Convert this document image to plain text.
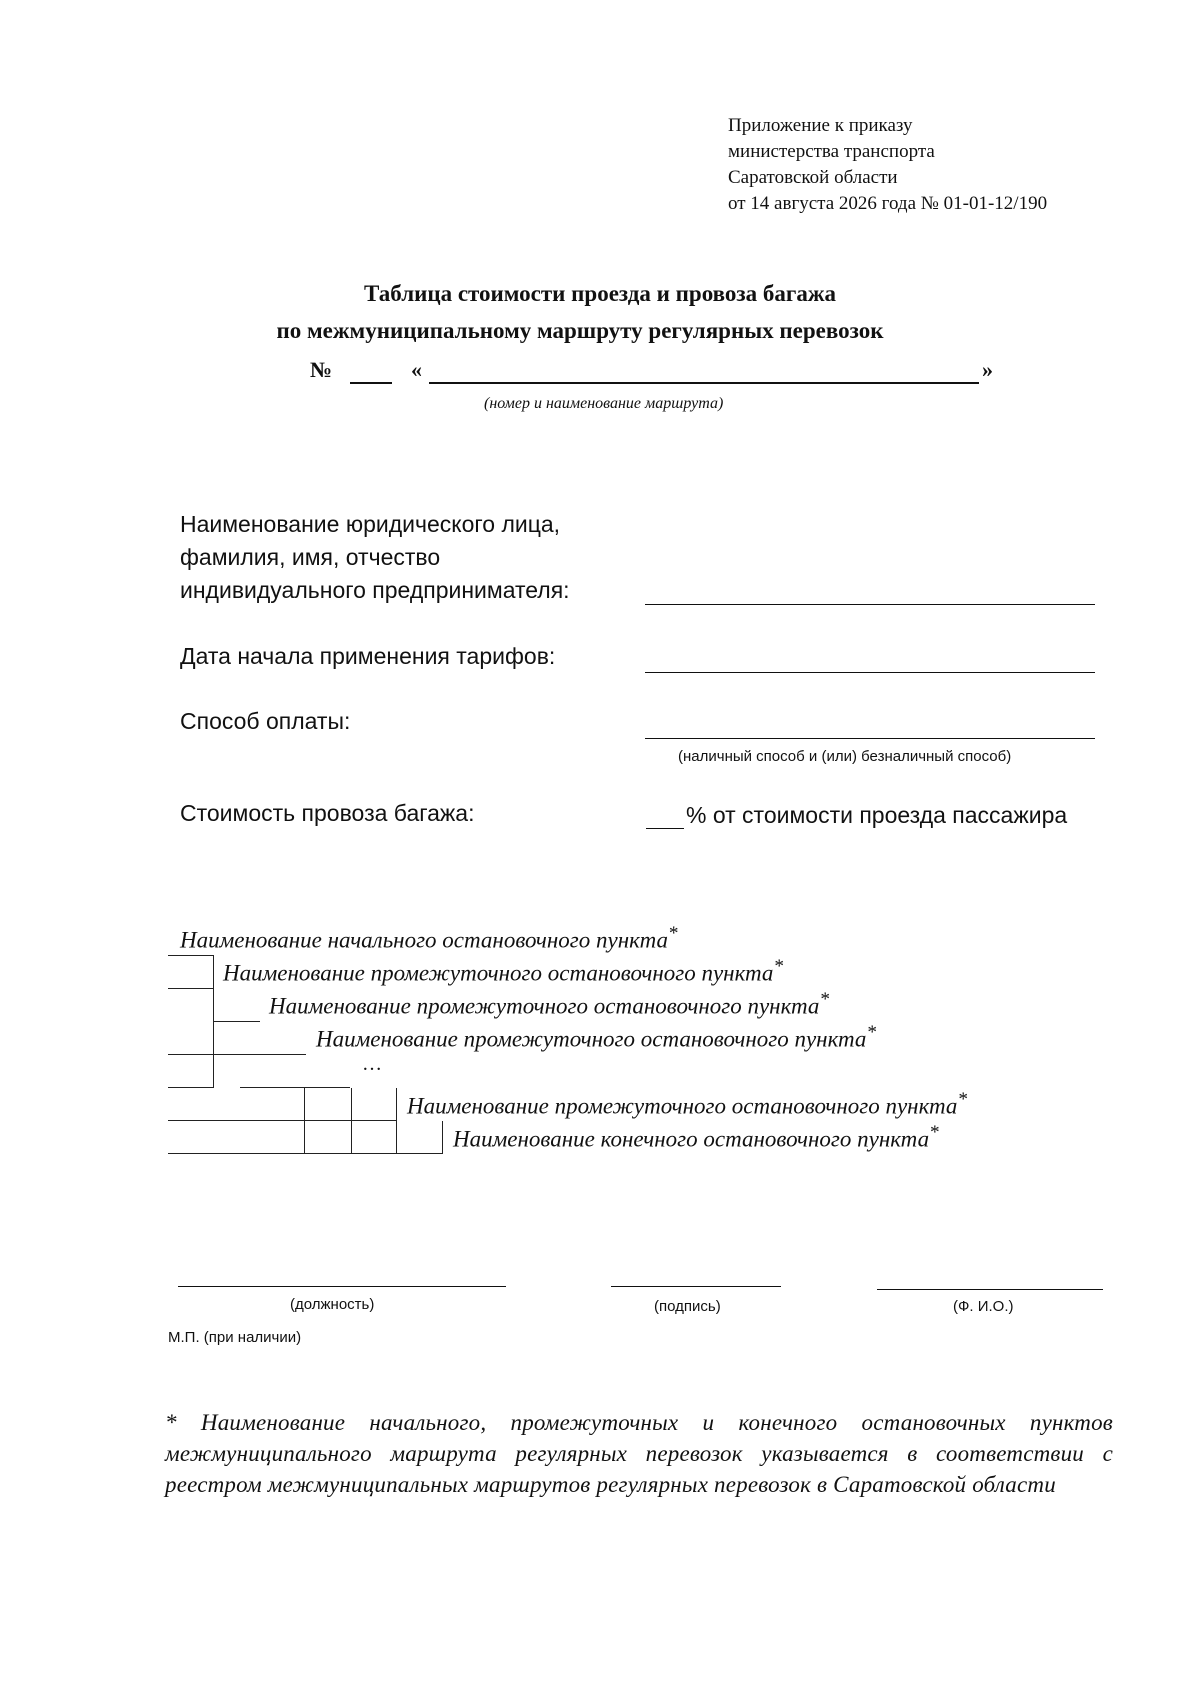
Приложение к приказу
министерства транспорта
Саратовской области
от 14 августа 2026 года № 01-01-12/190
Таблица стоимости проезда и провоза багажа
по межмуниципальному маршруту регулярных перевозок
№	«	»
(номер и наименование маршрута)
Наименование юридического лица,
фамилия, имя, отчество
индивидуального предпринимателя:
Дата начала применения тарифов:
Способ оплаты:
(наличный способ и (или) безналичный способ)
Стоимость провоза багажа:	% от стоимости проезда пассажира
Наименование начального остановочного пункта*
Наименование промежуточного остановочного пункта*
Наименование промежуточного остановочного пункта*
Наименование промежуточного остановочного пункта*
…
Наименование промежуточного остановочного пункта*
Наименование конечного остановочного пункта*
(должность)	(подпись)	(Ф. И.О.)
М.П. (при наличии)
* Наименование начального, промежуточных и конечного остановочных пунктов межмуниципального маршрута регулярных перевозок указывается в соответствии с реестром межмуниципальных маршрутов регулярных перевозок в Саратовской области
